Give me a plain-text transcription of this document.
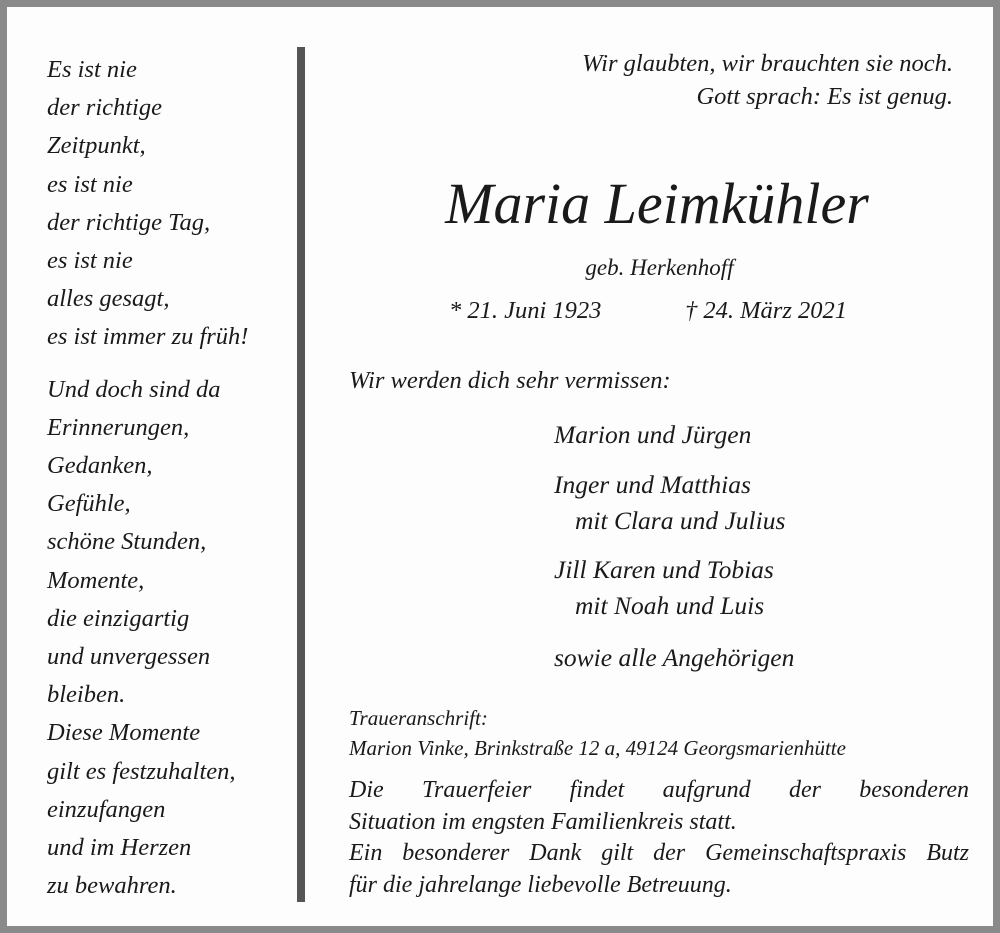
Es ist nie
der richtige
Zeitpunkt,
es ist nie
der richtige Tag,
es ist nie
alles gesagt,
es ist immer zu früh!
Und doch sind da
Erinnerungen,
Gedanken,
Gefühle,
schöne Stunden,
Momente,
die einzigartig
und unvergessen
bleiben.
Diese Momente
gilt es festzuhalten,
einzufangen
und im Herzen
zu bewahren.
Wir glaubten, wir brauchten sie noch.
Gott sprach: Es ist genug.
Maria Leimkühler
geb. Herkenhoff
* 21. Juni 1923	† 24. März 2021
Wir werden dich sehr vermissen:
Marion und Jürgen
Inger und Matthias
mit Clara und Julius
Jill Karen und Tobias
mit Noah und Luis
sowie alle Angehörigen
Traueranschrift:
Marion Vinke, Brinkstraße 12 a, 49124 Georgsmarienhütte
Die Trauerfeier findet aufgrund der besonderen
Situation im engsten Familienkreis statt.
Ein besonderer Dank gilt der Gemeinschaftspraxis Butz
für die jahrelange liebevolle Betreuung.
